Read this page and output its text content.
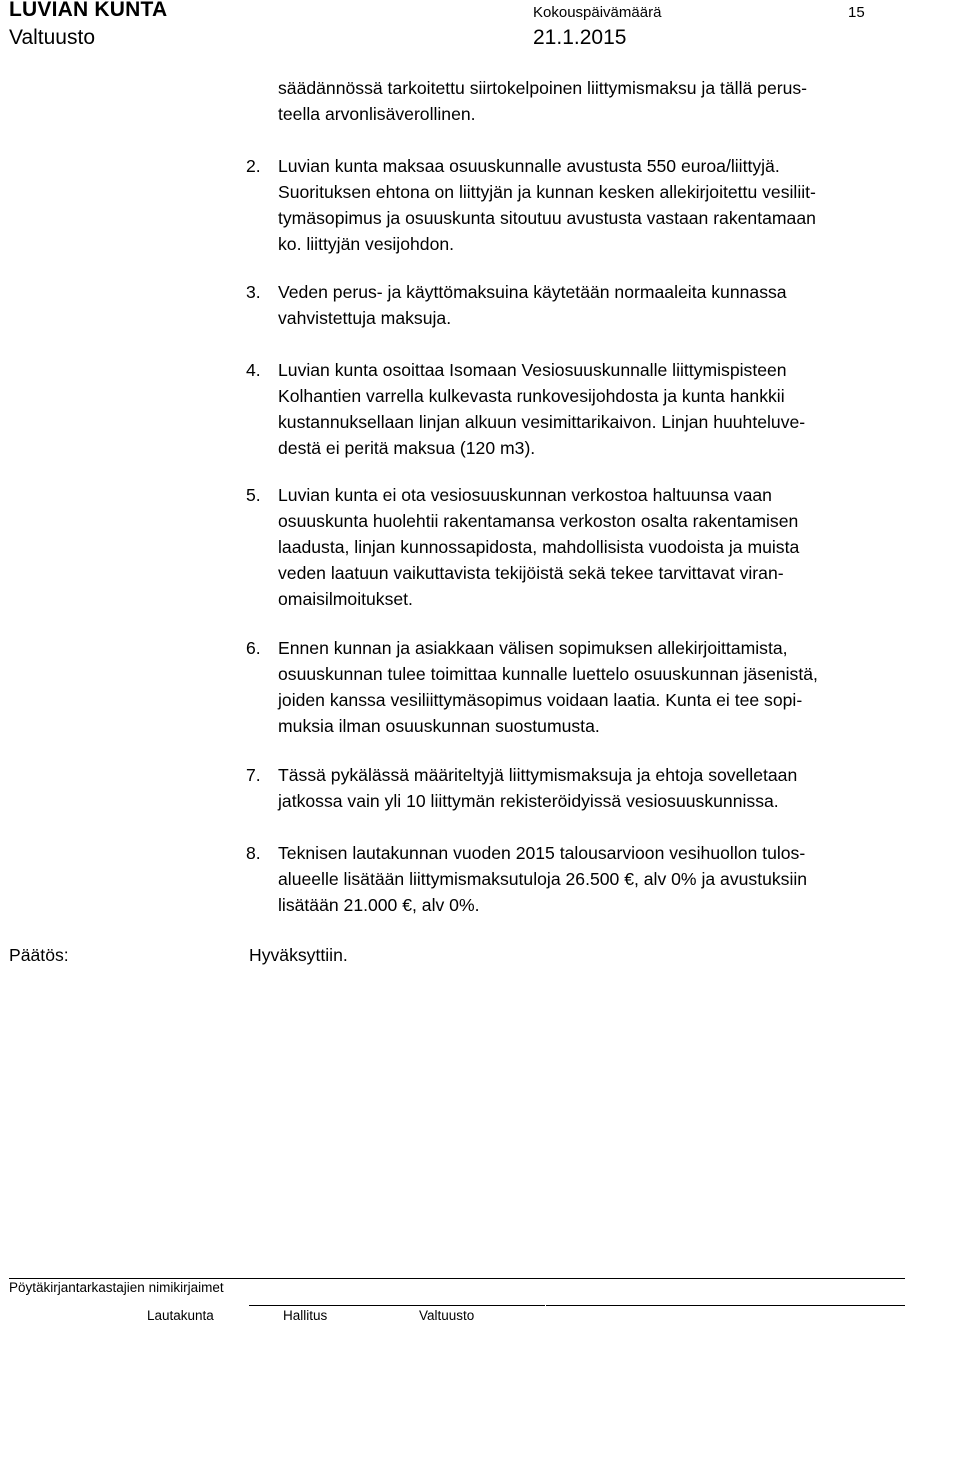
LUVIAN KUNTA
Valtuusto
Kokouspäivämäärä
21.1.2015
15
säädännössä tarkoitettu siirtokelpoinen liittymismaksu ja tällä perus-
teella arvonlisäverollinen.
2. Luvian kunta maksaa osuuskunnalle avustusta 550 euroa/liittyjä.
Suorituksen ehtona on liittyjän ja kunnan kesken allekirjoitettu vesiliit-
tymäsopimus ja osuuskunta sitoutuu avustusta vastaan rakentamaan
ko. liittyjän vesijohdon.
3. Veden perus- ja käyttömaksuina käytetään normaaleita kunnassa
vahvistettuja maksuja.
4. Luvian kunta osoittaa Isomaan Vesiosuuskunnalle liittymispisteen
Kolhantien varrella kulkevasta runkovesijohdosta ja kunta hankkii
kustannuksellaan linjan alkuun vesimittarikaivon. Linjan huuhteluve-
destä ei peritä maksua (120 m3).
5. Luvian kunta ei ota vesiosuuskunnan verkostoa haltuunsa vaan
osuuskunta huolehtii rakentamansa verkoston osalta rakentamisen
laadusta, linjan kunnossapidosta, mahdollisista vuodoista ja muista
veden laatuun vaikuttavista tekijöistä sekä tekee tarvittavat viran-
omaisilmoitukset.
6. Ennen kunnan ja asiakkaan välisen sopimuksen allekirjoittamista,
osuuskunnan tulee toimittaa kunnalle luettelo osuuskunnan jäsenistä,
joiden kanssa vesiliittymäsopimus voidaan laatia. Kunta ei tee sopi-
muksia ilman osuuskunnan suostumusta.
7. Tässä pykälässä määriteltyjä liittymismaksuja ja ehtoja sovelletaan
jatkossa vain yli 10 liittymän rekisteröidyissä vesiosuuskunnissa.
8. Teknisen lautakunnan vuoden 2015 talousarvioon vesihuollon tulos-
alueelle lisätään liittymismaksutuloja 26.500 €, alv 0% ja avustuksiin
lisätään 21.000 €, alv 0%.
Päätös:	Hyväksyttiin.
Pöytäkirjantarkastajien nimikirjaimet
Lautakunta	Hallitus	Valtuusto
